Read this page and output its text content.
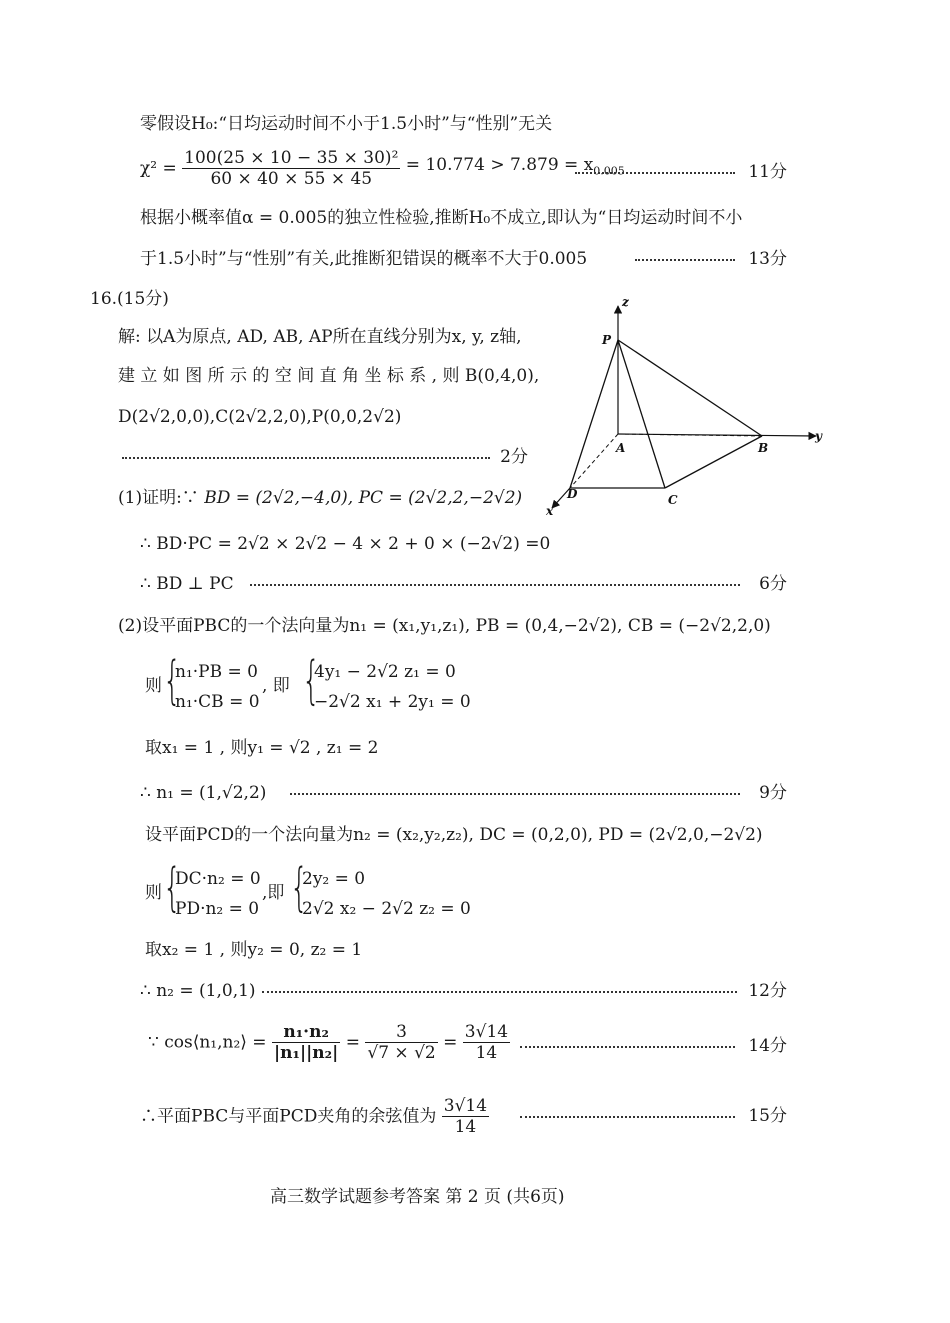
零假设H₀:“日均运动时间不小于1.5小时”与“性别”无关
$\chi^2 = \frac{\text{100(25 × 10 − 35 × 30)²}}{60 \times 40 \times 55 \times 45} = 10.774 > 7.879 = x_{0.005}$	11分
根据小概率值α = 0.005的独立性检验,推断H₀不成立,即认为“日均运动时间不小
于1.5小时”与“性别”有关,此推断犯错误的概率不大于0.005	13分
16.(15分)
解: 以A为原点, AD, AB, AP所在直线分别为x, y, z轴,
建 立 如 图 所 示 的 空 间 直 角 坐 标 系 , 则 B(0,4,0),
D(2√2,0,0),C(2√2,2,0),P(0,0,2√2)
2分
P
A	B
C
D
x
y
z
(1)证明:∵ BD = (2√2,−4,0), PC = (2√2,2,−2√2)
∴ BD·PC = 2√2 × 2√2 − 4 × 2 + 0 × (−2√2) =0
∴ BD ⊥ PC	6分
(2)设平面PBC的一个法向量为n₁ = (x₁,y₁,z₁), PB = (0,4,−2√2), CB = (−2√2,2,0)
则 {
n₁·PB = 0
n₁·CB = 0
, 即 {
4y₁ − 2√2 z₁ = 0
−2√2 x₁ + 2y₁ = 0
取x₁ = 1 , 则y₁ = √2 , z₁ = 2
∴ n₁ = (1,√2,2)	9分
设平面PCD的一个法向量为n₂ = (x₂,y₂,z₂), DC = (0,2,0), PD = (2√2,0,−2√2)
则 {
DC·n₂ = 0
PD·n₂ = 0
,即 {
2y₂ = 0
2√2 x₂ − 2√2 z₂ = 0
取x₂ = 1 , 则y₂ = 0, z₂ = 1
∴ n₂ = (1,0,1)	12分
∵ cos⟨n₁,n₂⟩ = $\frac{\text{n₁·n₂}}{\text{|n₁||n₂|}} = \frac{3}{√7 \times √2} = \frac{3√14}{14}$	14分
∴平面PBC与平面PCD夹角的余弦值为 $\frac{3√14}{14}$	15分
高三数学试题参考答案 第 2 页 (共6页)
